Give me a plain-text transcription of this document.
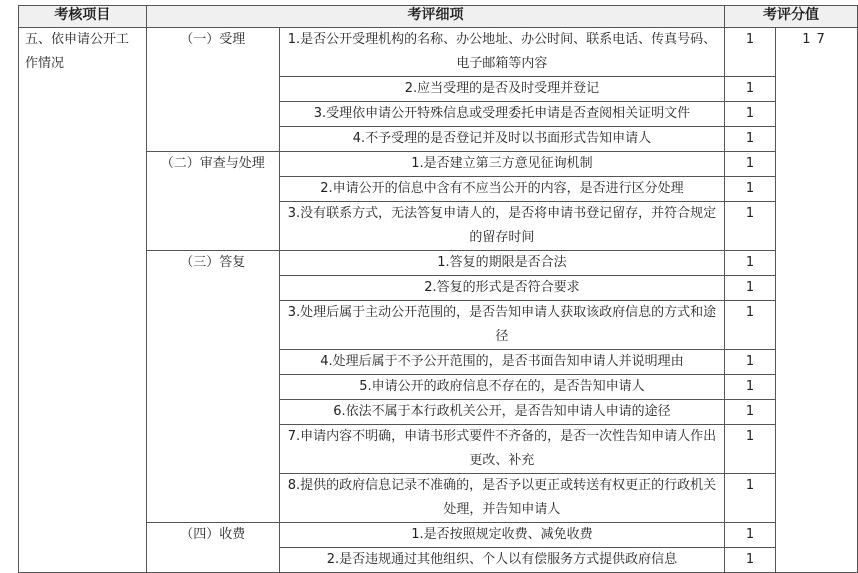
考核项目	考评细项		考评分值	
五、依申请公开工作情况	（一）受理	1.是否公开受理机构的名称、办公地址、办公时间、联系电话、传真号码、电子邮箱等内容	1	17
		2.应当受理的是否及时受理并登记	1	
		3.受理依申请公开特殊信息或受理委托申请是否查阅相关证明文件	1	
		4.不予受理的是否登记并及时以书面形式告知申请人	1	
	（二）审查与处理	1.是否建立第三方意见征询机制	1	
		2.申请公开的信息中含有不应当公开的内容，是否进行区分处理	1	
		3.没有联系方式，无法答复申请人的，是否将申请书登记留存，并符合规定的留存时间	1	
	（三）答复	1.答复的期限是否合法	1	
		2.答复的形式是否符合要求	1	
		3.处理后属于主动公开范围的，是否告知申请人获取该政府信息的方式和途径	1	
		4.处理后属于不予公开范围的，是否书面告知申请人并说明理由	1	
		5.申请公开的政府信息不存在的，是否告知申请人	1	
		6.依法不属于本行政机关公开，是否告知申请人申请的途径	1	
		7.申请内容不明确，申请书形式要件不齐备的，是否一次性告知申请人作出更改、补充	1	
		8.提供的政府信息记录不准确的，是否予以更正或转送有权更正的行政机关处理，并告知申请人	1	
	（四）收费	1.是否按照规定收费、减免收费	1	
		2.是否违规通过其他组织、个人以有偿服务方式提供政府信息	1	
